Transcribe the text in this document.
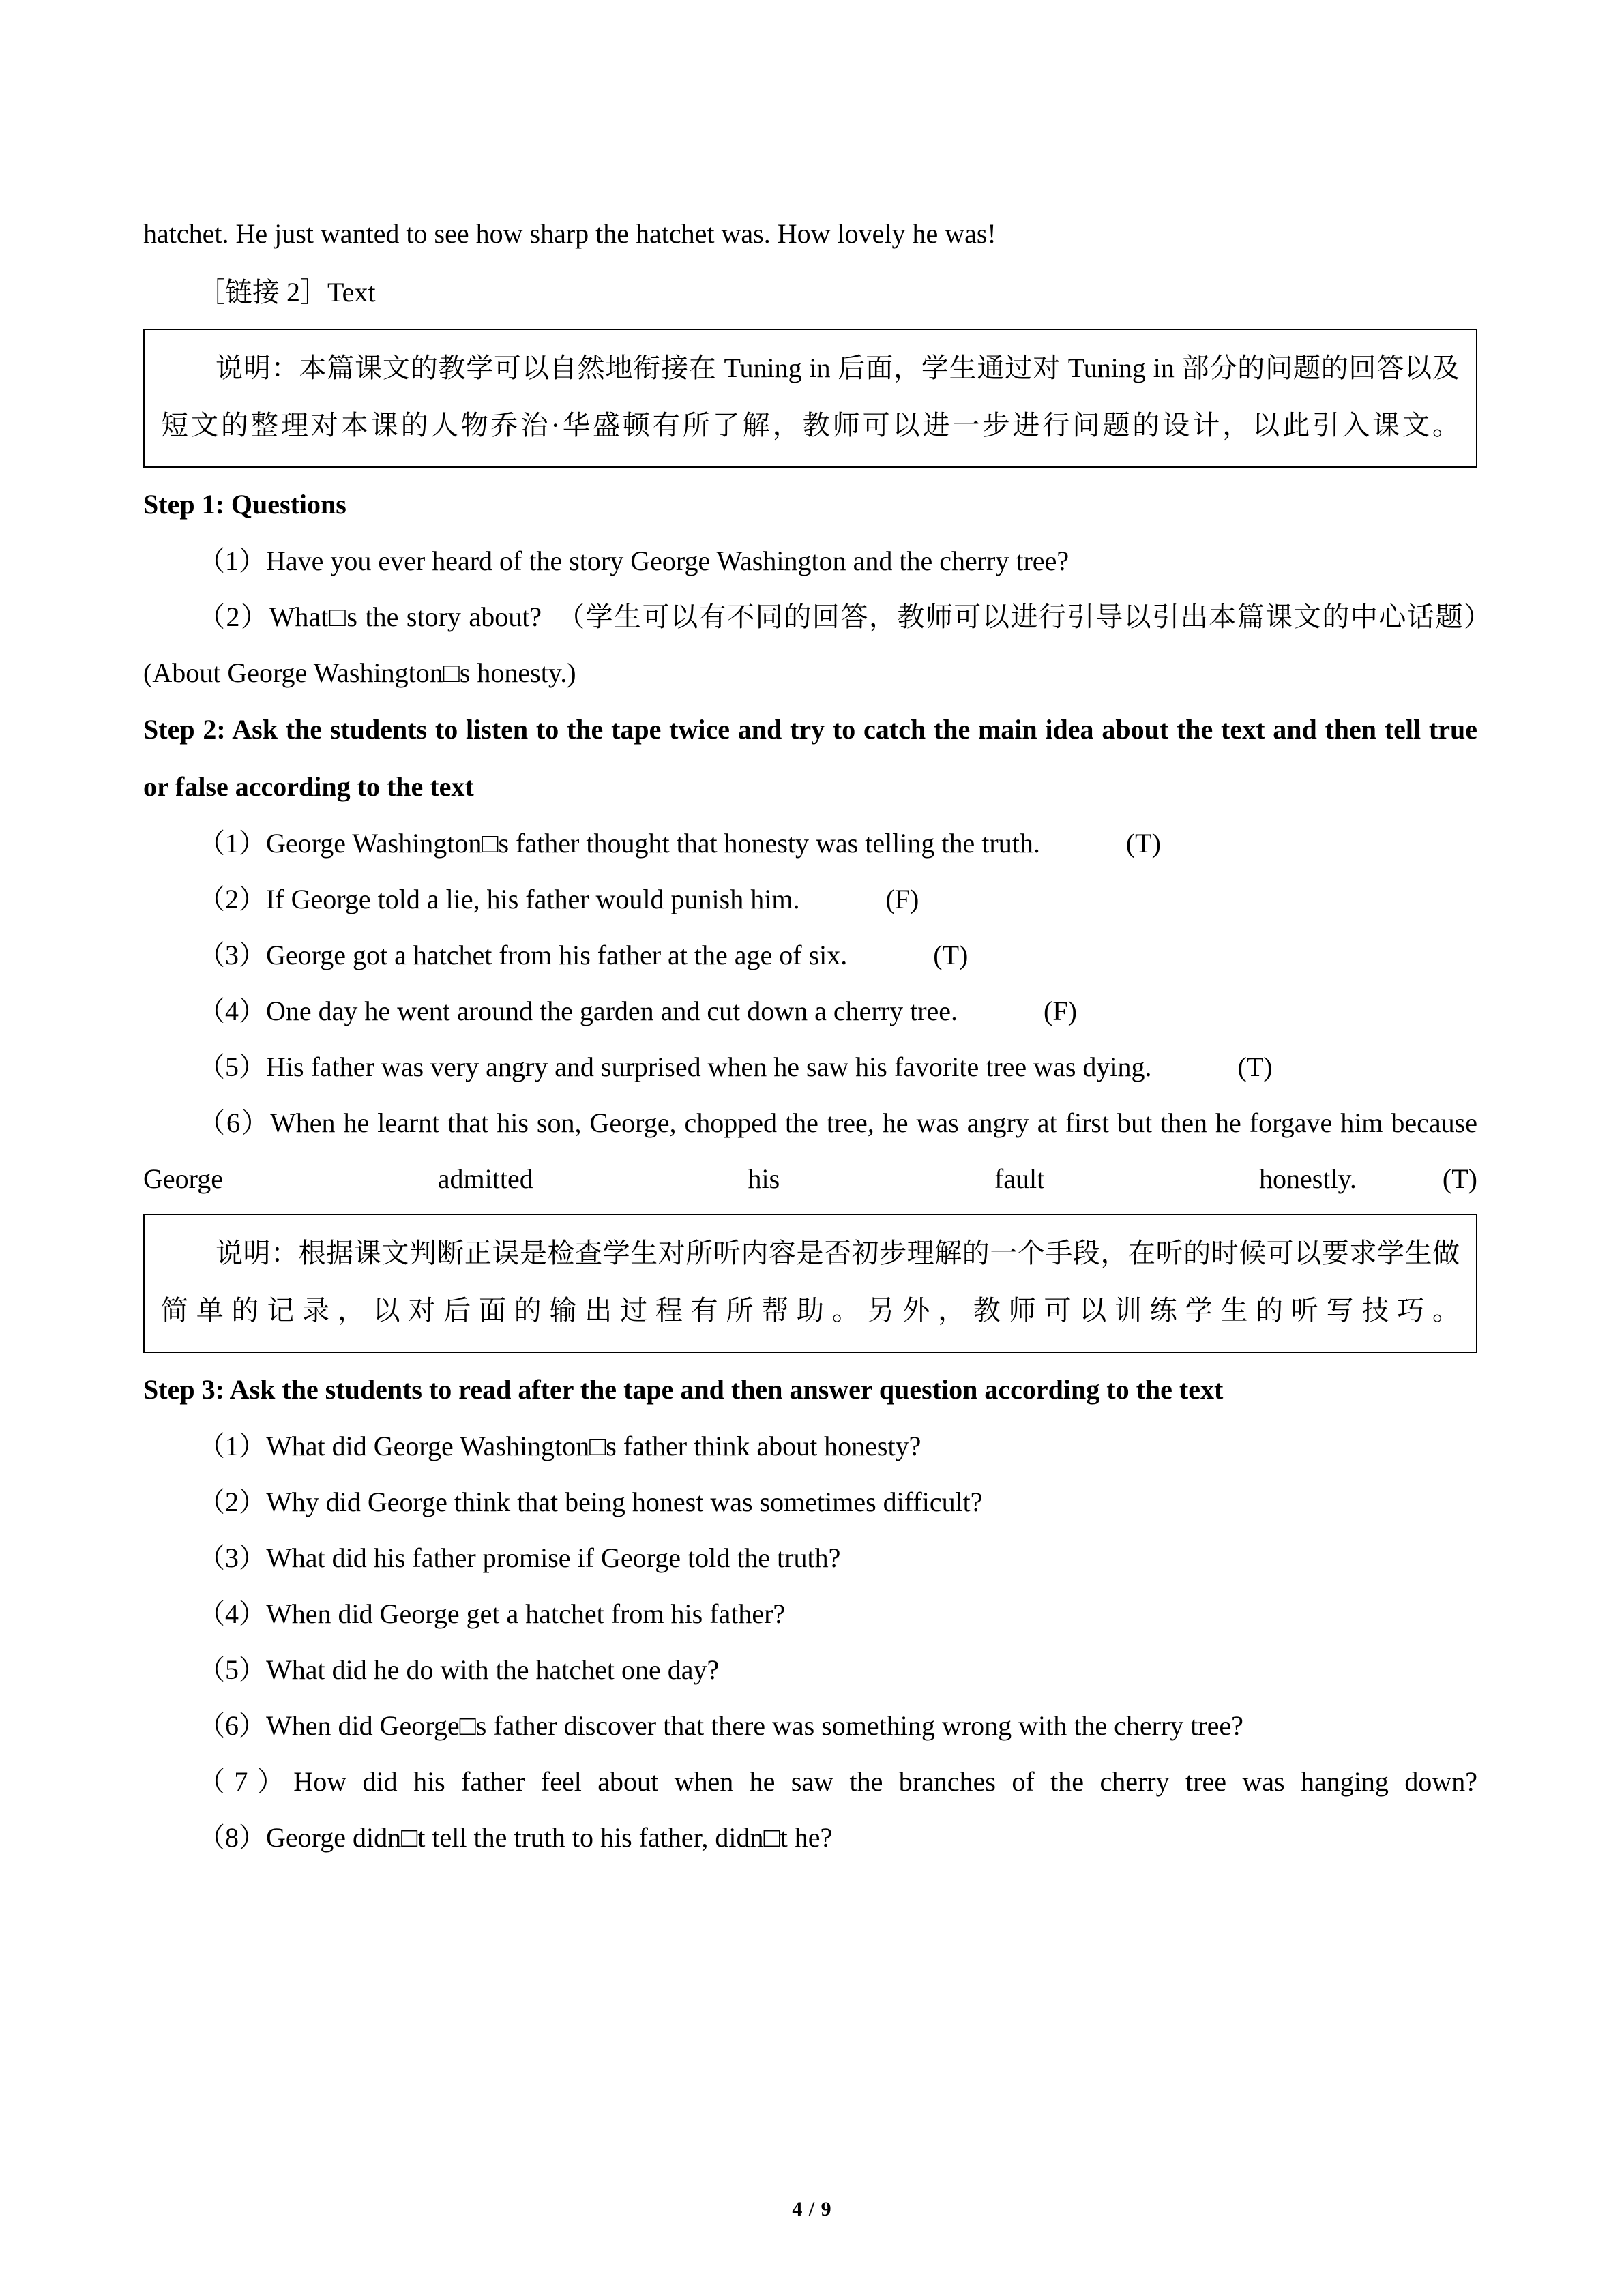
hatchet. He just wanted to see how sharp the hatchet was. How lovely he was!
［链接 2］Text
说明：本篇课文的教学可以自然地衔接在 Tuning in 后面，学生通过对 Tuning in 部分的问题的回答以及短文的整理对本课的人物乔治·华盛顿有所了解，教师可以进一步进行问题的设计，以此引入课文。
Step 1: Questions
（1）Have you ever heard of the story George Washington and the cherry tree?
（2）What□s the story about?　（学生可以有不同的回答，教师可以进行引导以引出本篇课文的中心话题）　(About George Washington□s honesty.)
Step 2: Ask the students to listen to the tape twice and try to catch the main idea about the text and then tell true or false according to the text
（1）George Washington□s father thought that honesty was telling the truth.	(T)
（2）If George told a lie, his father would punish him.	(F)
（3）George got a hatchet from his father at the age of six.	(T)
（4）One day he went around the garden and cut down a cherry tree.	(F)
（5）His father was very angry and surprised when he saw his favorite tree was dying.	(T)
（6）When he learnt that his son, George, chopped the tree, he was angry at first but then he forgave him because George admitted his fault honestly.	(T)
说明：根据课文判断正误是检查学生对所听内容是否初步理解的一个手段，在听的时候可以要求学生做简单的记录，以对后面的输出过程有所帮助。另外，教师可以训练学生的听写技巧。
Step 3: Ask the students to read after the tape and then answer question according to the text
（1）What did George Washington□s father think about honesty?
（2）Why did George think that being honest was sometimes difficult?
（3）What did his father promise if George told the truth?
（4）When did George get a hatchet from his father?
（5）What did he do with the hatchet one day?
（6）When did George□s father discover that there was something wrong with the cherry tree?
（7）How did his father feel about when he saw the branches of the cherry tree was hanging down?
（8）George didn□t tell the truth to his father, didn□t he?
4 / 9
